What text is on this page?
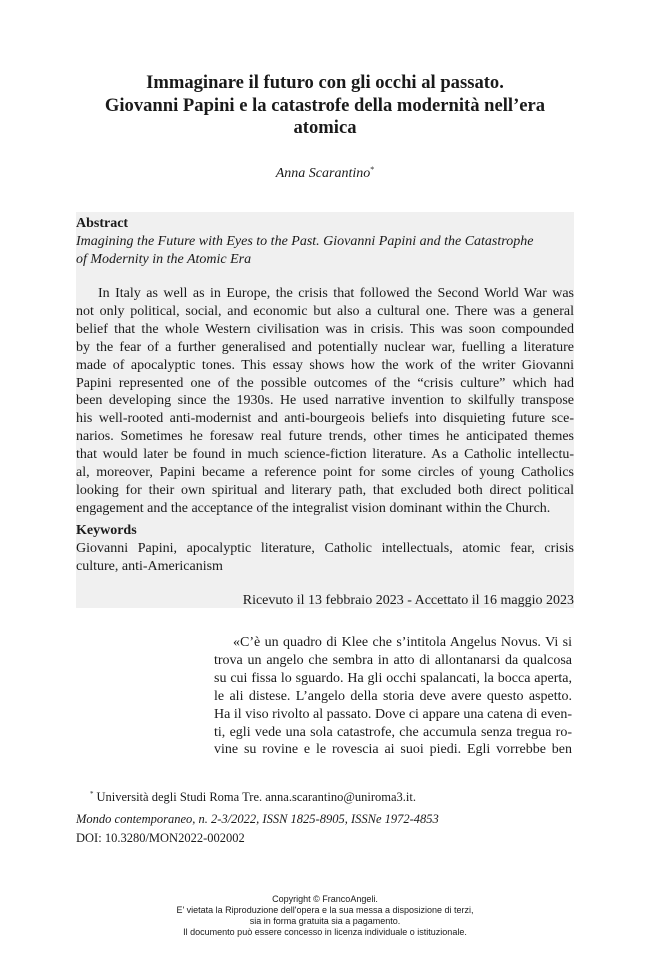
Immaginare il futuro con gli occhi al passato.
Giovanni Papini e la catastrofe della modernità nell’era
atomica
Anna Scarantino*
Abstract
Imagining the Future with Eyes to the Past. Giovanni Papini and the Catastrophe
of Modernity in the Atomic Era
In Italy as well as in Europe, the crisis that followed the Second World War was
not only political, social, and economic but also a cultural one. There was a general
belief that the whole Western civilisation was in crisis. This was soon compounded
by the fear of a further generalised and potentially nuclear war, fuelling a literature
made of apocalyptic tones. This essay shows how the work of the writer Giovanni
Papini represented one of the possible outcomes of the “crisis culture” which had
been developing since the 1930s. He used narrative invention to skilfully transpose
his well-rooted anti-modernist and anti-bourgeois beliefs into disquieting future sce-
narios. Sometimes he foresaw real future trends, other times he anticipated themes
that would later be found in much science-fiction literature. As a Catholic intellectu-
al, moreover, Papini became a reference point for some circles of young Catholics
looking for their own spiritual and literary path, that excluded both direct political
engagement and the acceptance of the integralist vision dominant within the Church.
Keywords
Giovanni Papini, apocalyptic literature, Catholic intellectuals, atomic fear, crisis
culture, anti-Americanism
Ricevuto il 13 febbraio 2023 - Accettato il 16 maggio 2023
«C’è un quadro di Klee che s’intitola Angelus Novus. Vi si
trova un angelo che sembra in atto di allontanarsi da qualcosa
su cui fissa lo sguardo. Ha gli occhi spalancati, la bocca aperta,
le ali distese. L’angelo della storia deve avere questo aspetto.
Ha il viso rivolto al passato. Dove ci appare una catena di even-
ti, egli vede una sola catastrofe, che accumula senza tregua ro-
vine su rovine e le rovescia ai suoi piedi. Egli vorrebbe ben
* Università degli Studi Roma Tre. anna.scarantino@uniroma3.it.
Mondo contemporaneo, n. 2-3/2022, ISSN 1825-8905, ISSNe 1972-4853
DOI: 10.3280/MON2022-002002
Copyright © FrancoAngeli.
E' vietata la Riproduzione dell'opera e la sua messa a disposizione di terzi,
sia in forma gratuita sia a pagamento.
Il documento può essere concesso in licenza individuale o istituzionale.
